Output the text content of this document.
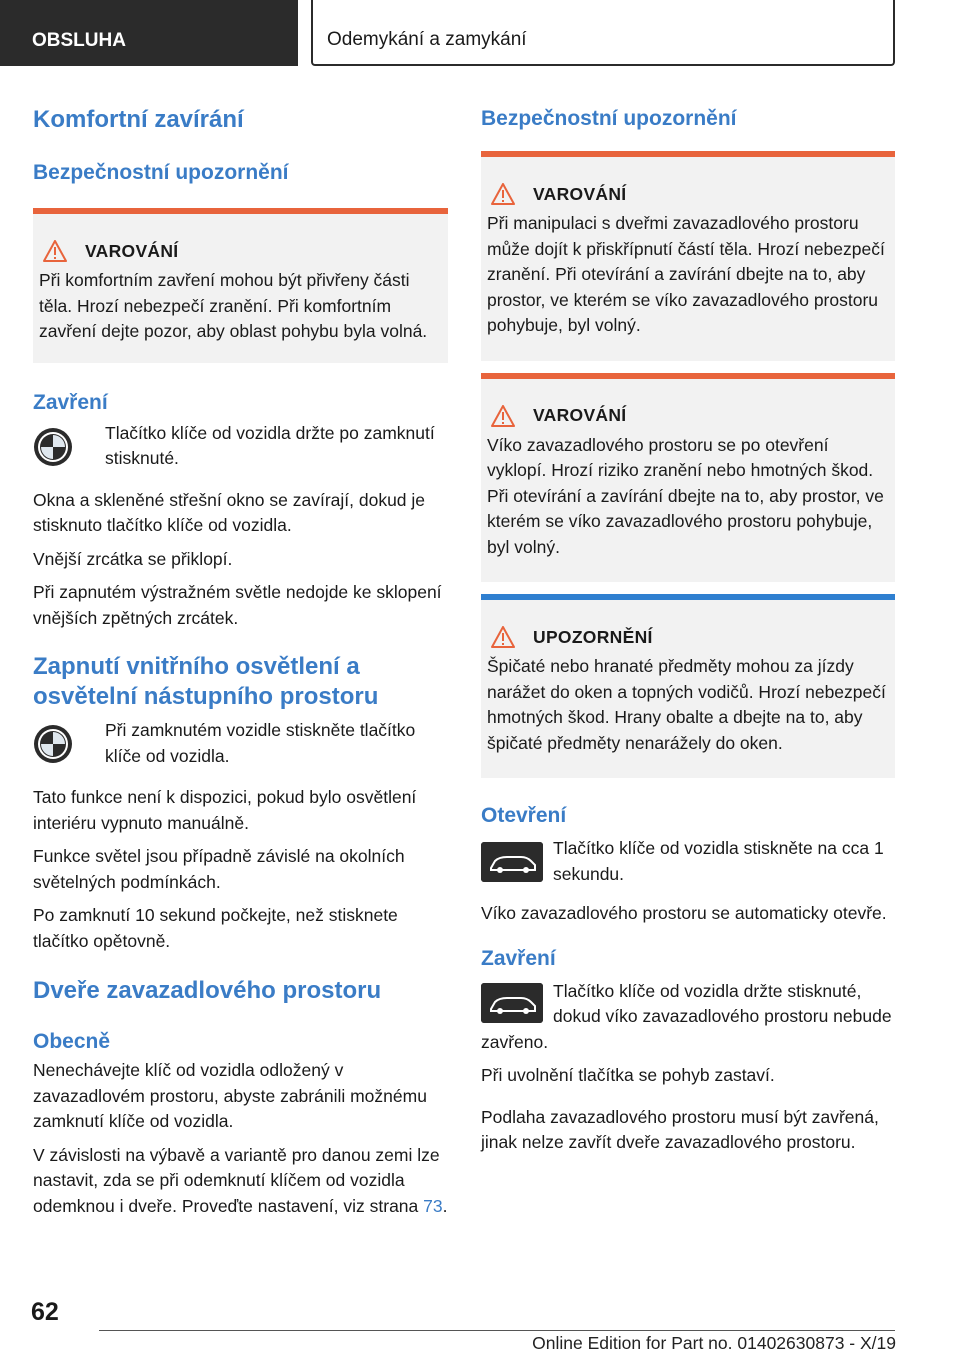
OBSLUHA	Odemykání a zamykání
Komfortní zavírání
Bezpečnostní upozornění
VAROVÁNÍ
Při komfortním zavření mohou být přivřeny části těla. Hrozí nebezpečí zranění. Při komfortním zavření dejte pozor, aby oblast pohybu byla volná.
Zavření
Tlačítko klíče od vozidla držte po zamknutí stisknuté.
Okna a skleněné střešní okno se zavírají, dokud je stisknuto tlačítko klíče od vozidla.
Vnější zrcátka se přiklopí.
Při zapnutém výstražném světle nedojde ke sklopení vnějších zpětných zrcátek.
Zapnutí vnitřního osvětlení a osvětelní nástupního prostoru
Při zamknutém vozidle stiskněte tlačítko klíče od vozidla.
Tato funkce není k dispozici, pokud bylo osvětlení interiéru vypnuto manuálně.
Funkce světel jsou případně závislé na okolních světelných podmínkách.
Po zamknutí 10 sekund počkejte, než stisknete tlačítko opětovně.
Dveře zavazadlového prostoru
Obecně
Nenechávejte klíč od vozidla odložený v zavazadlovém prostoru, abyste zabránili možnému zamknutí klíče od vozidla.
V závislosti na výbavě a variantě pro danou zemi lze nastavit, zda se při odemknutí klíčem od vozidla odemknou i dveře. Proveďte nastavení, viz strana 73.
Bezpečnostní upozornění
VAROVÁNÍ
Při manipulaci s dveřmi zavazadlového prostoru může dojít k přiskřípnutí částí těla. Hrozí nebezpečí zranění. Při otevírání a zavírání dbejte na to, aby prostor, ve kterém se víko zavazadlového prostoru pohybuje, byl volný.
VAROVÁNÍ
Víko zavazadlového prostoru se po otevření vyklopí. Hrozí riziko zranění nebo hmotných škod. Při otevírání a zavírání dbejte na to, aby prostor, ve kterém se víko zavazadlového prostoru pohybuje, byl volný.
UPOZORNĚNÍ
Špičaté nebo hranaté předměty mohou za jízdy narážet do oken a topných vodičů. Hrozí nebezpečí hmotných škod. Hrany obalte a dbejte na to, aby špičaté předměty nenarážely do oken.
Otevření
Tlačítko klíče od vozidla stiskněte na cca 1 sekundu.
Víko zavazadlového prostoru se automaticky otevře.
Zavření
Tlačítko klíče od vozidla držte stisknuté, dokud víko zavazadlového prostoru nebude zavřeno.
Při uvolnění tlačítka se pohyb zastaví.
Podlaha zavazadlového prostoru musí být zavřená, jinak nelze zavřít dveře zavazadlového prostoru.
62
Online Edition for Part no. 01402630873 - X/19
